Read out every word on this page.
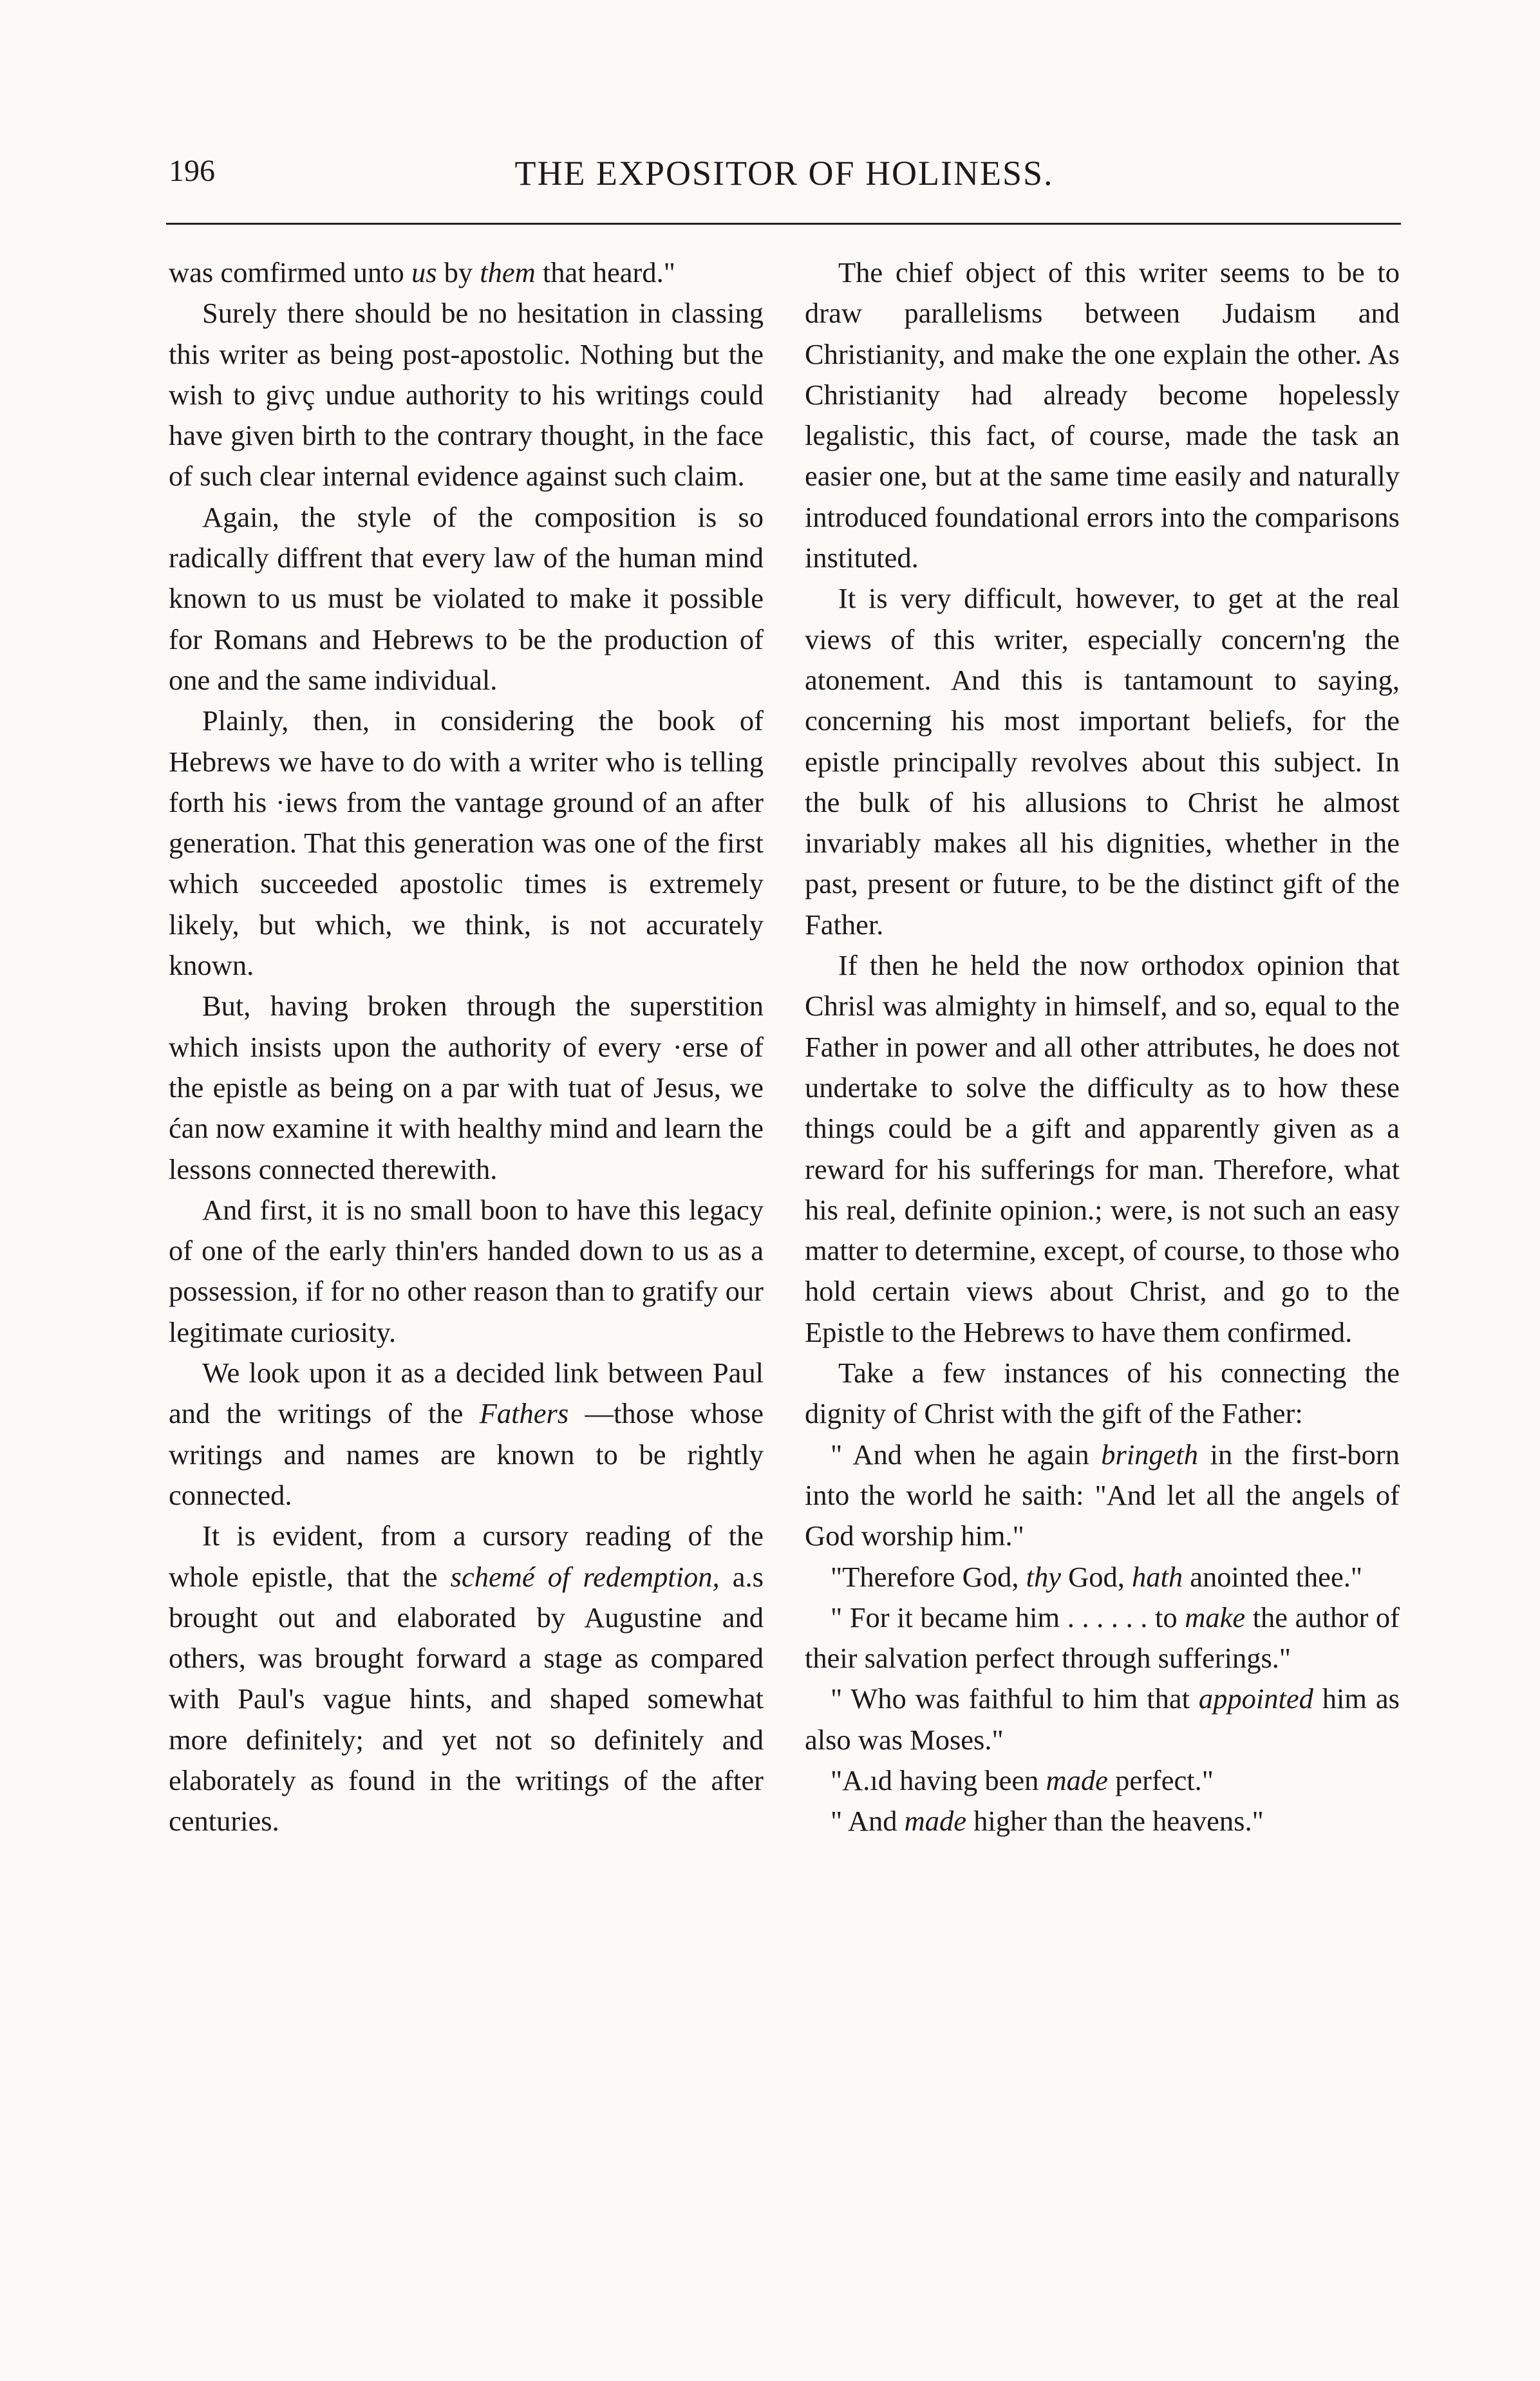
196	THE EXPOSITOR OF HOLINESS.

was comfirmed unto us by them that heard."

Surely there should be no hesitation in classing this writer as being post-apostolic. Nothing but the wish to givç undue authority to his writings could have given birth to the contrary thought, in the face of such clear internal evidence against such claim.

Again, the style of the composition is so radically diffrent that every law of the human mind known to us must be violated to make it possible for Romans and Hebrews to be the production of one and the same individual.

Plainly, then, in considering the book of Hebrews we have to do with a writer who is telling forth his ·iews from the vantage ground of an after generation. That this generation was one of the first which succeeded apostolic times is extremely likely, but which, we think, is not accurately known.

But, having broken through the superstition which insists upon the authority of every ·erse of the epistle as being on a par with tuat of Jesus, we ćan now examine it with healthy mind and learn the lessons connected therewith.

And first, it is no small boon to have this legacy of one of the early thin'ers handed down to us as a possession, if for no other reason than to gratify our legitimate curiosity.

We look upon it as a decided link between Paul and the writings of the Fathers —those whose writings and names are known to be rightly connected.

It is evident, from a cursory reading of the whole epistle, that the schemé of redemption, a.s brought out and elaborated by Augustine and others, was brought forward a stage as compared with Paul's vague hints, and shaped somewhat more definitely; and yet not so definitely and elaborately as found in the writings of the after centuries.

The chief object of this writer seems to be to draw parallelisms between Judaism and Christianity, and make the one explain the other. As Christianity had already become hopelessly legalistic, this fact, of course, made the task an easier one, but at the same time easily and naturally introduced foundational errors into the comparisons instituted.

It is very difficult, however, to get at the real views of this writer, especially concern'ng the atonement. And this is tantamount to saying, concerning his most important beliefs, for the epistle principally revolves about this subject. In the bulk of his allusions to Christ he almost invariably makes all his dignities, whether in the past, present or future, to be the distinct gift of the Father.

If then he held the now orthodox opinion that Chrisl was almighty in himself, and so, equal to the Father in power and all other attributes, he does not undertake to solve the difficulty as to how these things could be a gift and apparently given as a reward for his sufferings for man. Therefore, what his real, definite opinion.; were, is not such an easy matter to determine, except, of course, to those who hold certain views about Christ, and go to the Epistle to the Hebrews to have them confirmed.

Take a few instances of his connecting the dignity of Christ with the gift of the Father:

" And when he again bringeth in the first-born into the world he saith: "And let all the angels of God worship him."

"Therefore God, thy God, hath anointed thee."

" For it became him . . . . . . to make the author of their salvation perfect through sufferings."

" Who was faithful to him that appointed him as also was Moses."

"A.ıd having been made perfect."

" And made higher than the heavens."
